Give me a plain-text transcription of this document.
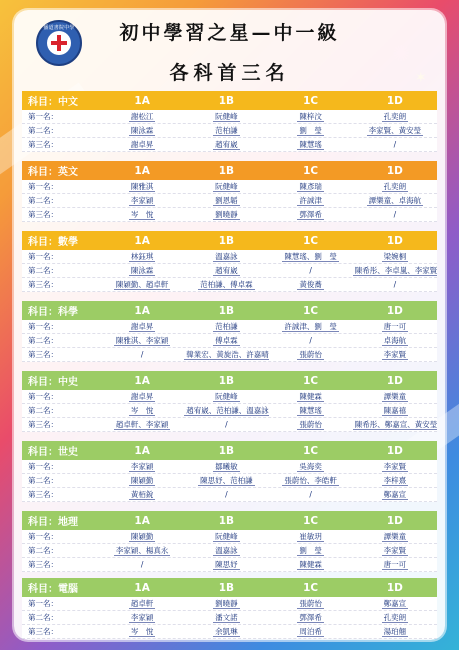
播道書院中學	初中學習之星—中一級
各科首三名
科目：中文	1A	1B	1C	1D
第一名：	謝松江	阮健峰	陳梓汶	孔奕朗
第二名：	陳泳霖	范柏謙	劉　瑩	李家賢、黃安瑩
第三名：	謝卓昇	趙宥崴	陳慧瑤	/
科目：英文	1A	1B	1C	1D
第一名：	陳雅淇	阮健峰	陳彥瑞	孔奕朗
第二名：	李家穎	劉恩韜	許誠津	譚樂童、卓海航
第三名：	岑　悅	劉曉靜	鄧澤希	/
科目：數學	1A	1B	1C	1D
第一名：	林鈺琪	溫嘉詠	陳慧瑤、劉　瑩	梁婉桐
第二名：	陳泳霖	趙宥崴	/	陳希彤、李卓嵐、李家賢
第三名：	陳穎勤、趙卓軒	范柏謙、傅卓霖	黃俊蕎	/
科目：科學	1A	1B	1C	1D
第一名：	謝卓昇	范柏謙	許誠津、劉　瑩	唐一可
第二名：	陳雅淇、李家穎	傅卓霖	/	卓海航
第三名：	/	韓業宏、黃旋浩、許嘉晴	張蔚怡	李家賢
科目：中史	1A	1B	1C	1D
第一名：	謝卓昇	阮健峰	陳健霖	譚樂童
第二名：	岑　悅	趙宥崴、范柏謙、溫嘉詠	陳慧瑤	陳嘉禧
第三名：	趙卓軒、李家穎	/	張蔚怡	陳希彤、鄭嘉宣、黃安瑩
科目：世史	1A	1B	1C	1D
第一名：	李家穎	鄒曦敏	吳海奕	李家賢
第二名：	陳穎勤	陳思妤、范柏謙	張蔚怡、李皓軒	李梓熹
第三名：	黃栢銳	/	/	鄭嘉宣
科目：地理	1A	1B	1C	1D
第一名：	陳穎勤	阮健峰	崔敏玥	譚樂童
第二名：	李家穎、楊真永	溫嘉詠	劉　瑩	李家賢
第三名：	/	陳思妤	陳健霖	唐一可
科目：電腦	1A	1B	1C	1D
第一名：	趙卓軒	劉曉靜	張蔚怡	鄭嘉宣
第二名：	李家穎	潘文諾	鄧澤希	孔奕朗
第三名：	岑　悅	余凱琳	周泊希	湯珀翹
